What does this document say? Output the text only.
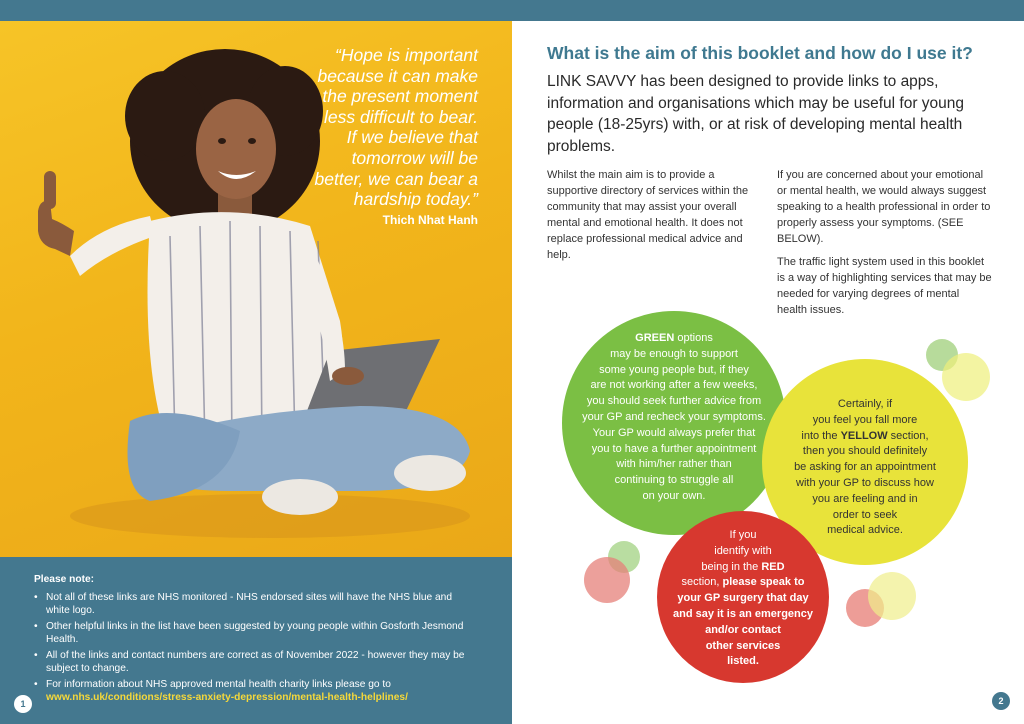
“Hope is important
because it can make
the present moment
less difficult to bear.
If we believe that
tomorrow will be
better, we can bear a
hardship today.”
Thich Nhat Hanh
Please note:
• Not all of these links are NHS monitored - NHS endorsed sites will have the NHS blue and white logo.
• Other helpful links in the list have been suggested by young people within Gosforth Jesmond Health.
• All of the links and contact numbers are correct as of November 2022 - however they may be subject to change.
• For information about NHS approved mental health charity links please go to
www.nhs.uk/conditions/stress-anxiety-depression/mental-health-helplines/
1
What is the aim of this booklet and how do I use it?
LINK SAVVY has been designed to provide links to apps, information and organisations which may be useful for young people (18-25yrs) with, or at risk of developing mental health problems.

Whilst the main aim is to provide a supportive directory of services within the community that may assist your overall mental and emotional health. It does not replace professional medical advice and help.

If you are concerned about your emotional or mental health, we would always suggest speaking to a health professional in order to properly assess your symptoms. (SEE BELOW).

The traffic light system used in this booklet is a way of highlighting services that may be needed for varying degrees of mental health issues.

GREEN options

may be enough to support

some young people but, if they

are not working after a few weeks,

you should seek further advice from

your GP and recheck your symptoms.

Your GP would always prefer that

you to have a further appointment

with him/her rather than

continuing to struggle all

on your own.

Certainly, if

you feel you fall more

into the YELLOW section,

then you should definitely

be asking for an appointment

with your GP to discuss how

you are feeling and in

order to seek

medical advice.

If you

identify with

being in the RED

section, please speak to

your GP surgery that day

and say it is an emergency

and/or contact

other services

listed.

2
